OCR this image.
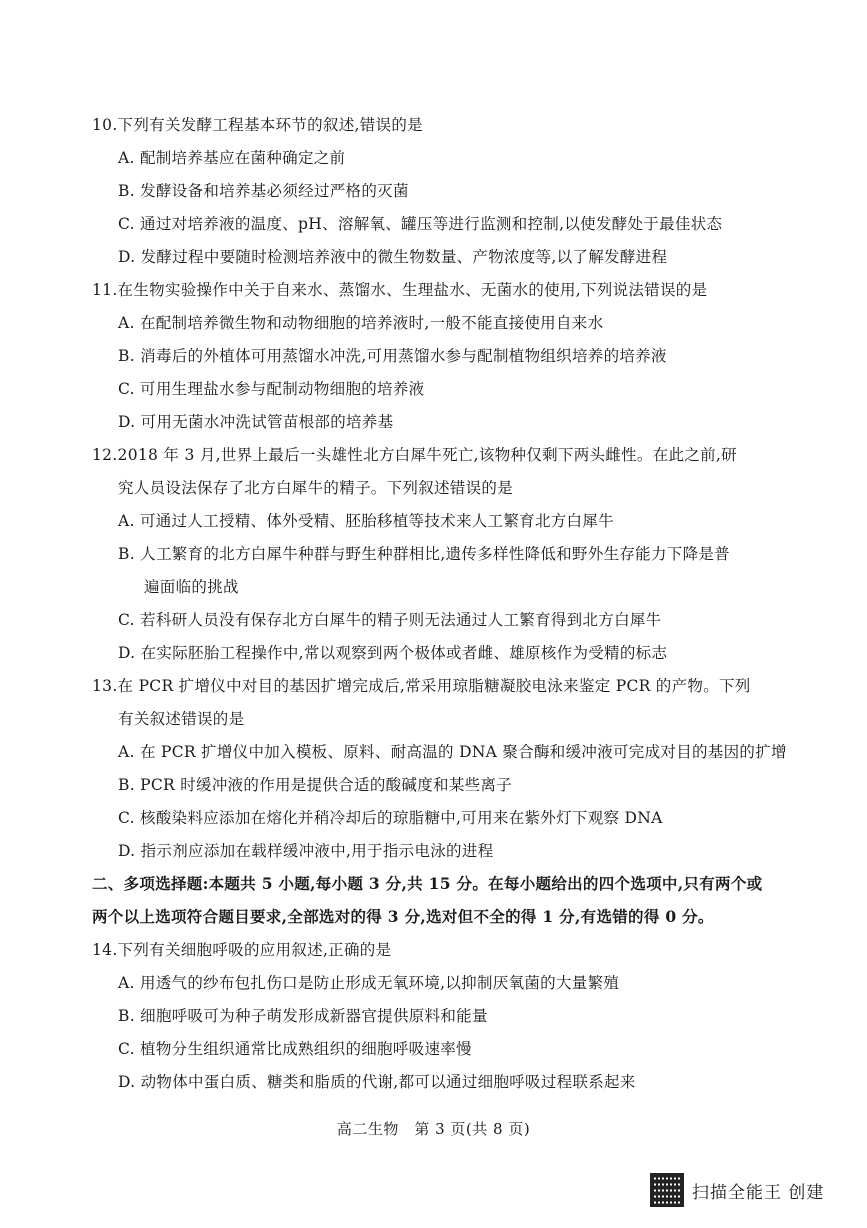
10.下列有关发酵工程基本环节的叙述,错误的是
A. 配制培养基应在菌种确定之前
B. 发酵设备和培养基必须经过严格的灭菌
C. 通过对培养液的温度、pH、溶解氧、罐压等进行监测和控制,以使发酵处于最佳状态
D. 发酵过程中要随时检测培养液中的微生物数量、产物浓度等,以了解发酵进程
11.在生物实验操作中关于自来水、蒸馏水、生理盐水、无菌水的使用,下列说法错误的是
A. 在配制培养微生物和动物细胞的培养液时,一般不能直接使用自来水
B. 消毒后的外植体可用蒸馏水冲洗,可用蒸馏水参与配制植物组织培养的培养液
C. 可用生理盐水参与配制动物细胞的培养液
D. 可用无菌水冲洗试管苗根部的培养基
12.2018 年 3 月,世界上最后一头雄性北方白犀牛死亡,该物种仅剩下两头雌性。在此之前,研
究人员设法保存了北方白犀牛的精子。下列叙述错误的是
A. 可通过人工授精、体外受精、胚胎移植等技术来人工繁育北方白犀牛
B. 人工繁育的北方白犀牛种群与野生种群相比,遗传多样性降低和野外生存能力下降是普
遍面临的挑战
C. 若科研人员没有保存北方白犀牛的精子则无法通过人工繁育得到北方白犀牛
D. 在实际胚胎工程操作中,常以观察到两个极体或者雌、雄原核作为受精的标志
13.在 PCR 扩增仪中对目的基因扩增完成后,常采用琼脂糖凝胶电泳来鉴定 PCR 的产物。下列
有关叙述错误的是
A. 在 PCR 扩增仪中加入模板、原料、耐高温的 DNA 聚合酶和缓冲液可完成对目的基因的扩增
B. PCR 时缓冲液的作用是提供合适的酸碱度和某些离子
C. 核酸染料应添加在熔化并稍冷却后的琼脂糖中,可用来在紫外灯下观察 DNA
D. 指示剂应添加在载样缓冲液中,用于指示电泳的进程
二、多项选择题:本题共 5 小题,每小题 3 分,共 15 分。在每小题给出的四个选项中,只有两个或
两个以上选项符合题目要求,全部选对的得 3 分,选对但不全的得 1 分,有选错的得 0 分。
14.下列有关细胞呼吸的应用叙述,正确的是
A. 用透气的纱布包扎伤口是防止形成无氧环境,以抑制厌氧菌的大量繁殖
B. 细胞呼吸可为种子萌发形成新器官提供原料和能量
C. 植物分生组织通常比成熟组织的细胞呼吸速率慢
D. 动物体中蛋白质、糖类和脂质的代谢,都可以通过细胞呼吸过程联系起来
高二生物　第 3 页(共 8 页)
扫描全能王 创建
